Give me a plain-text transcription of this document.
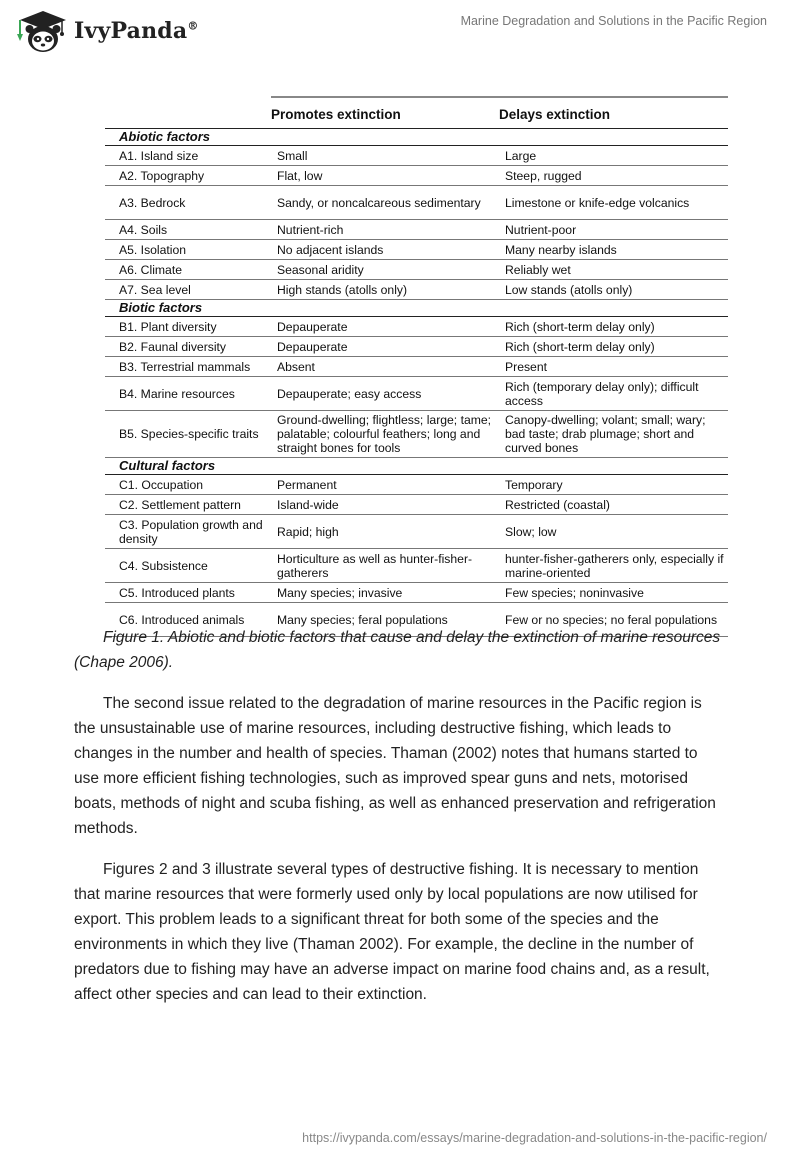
IvyPanda®	Marine Degradation and Solutions in the Pacific Region
	Promotes extinction	Delays extinction
Abiotic factors		
A1. Island size	Small	Large
A2. Topography	Flat, low	Steep, rugged
A3. Bedrock	Sandy, or noncalcareous sedimentary	Limestone or knife-edge volcanics
A4. Soils	Nutrient-rich	Nutrient-poor
A5. Isolation	No adjacent islands	Many nearby islands
A6. Climate	Seasonal aridity	Reliably wet
A7. Sea level	High stands (atolls only)	Low stands (atolls only)
Biotic factors		
B1. Plant diversity	Depauperate	Rich (short-term delay only)
B2. Faunal diversity	Depauperate	Rich (short-term delay only)
B3. Terrestrial mammals	Absent	Present
B4. Marine resources	Depauperate; easy access	Rich (temporary delay only); difficult access
B5. Species-specific traits	Ground-dwelling; flightless; large; tame; palatable; colourful feathers; long and straight bones for tools	Canopy-dwelling; volant; small; wary; bad taste; drab plumage; short and curved bones
Cultural factors		
C1. Occupation	Permanent	Temporary
C2. Settlement pattern	Island-wide	Restricted (coastal)
C3. Population growth and density	Rapid; high	Slow; low
C4. Subsistence	Horticulture as well as hunter-fisher-gatherers	hunter-fisher-gatherers only, especially if marine-oriented
C5. Introduced plants	Many species; invasive	Few species; noninvasive
C6. Introduced animals	Many species; feral populations	Few or no species; no feral populations
Figure 1. Abiotic and biotic factors that cause and delay the extinction of marine resources (Chape 2006).

The second issue related to the degradation of marine resources in the Pacific region is the unsustainable use of marine resources, including destructive fishing, which leads to changes in the number and health of species. Thaman (2002) notes that humans started to use more efficient fishing technologies, such as improved spear guns and nets, motorised boats, methods of night and scuba fishing, as well as enhanced preservation and refrigeration methods.

Figures 2 and 3 illustrate several types of destructive fishing. It is necessary to mention that marine resources that were formerly used only by local populations are now utilised for export. This problem leads to a significant threat for both some of the species and the environments in which they live (Thaman 2002). For example, the decline in the number of predators due to fishing may have an adverse impact on marine food chains and, as a result, affect other species and can lead to their extinction.

https://ivypanda.com/essays/marine-degradation-and-solutions-in-the-pacific-region/
